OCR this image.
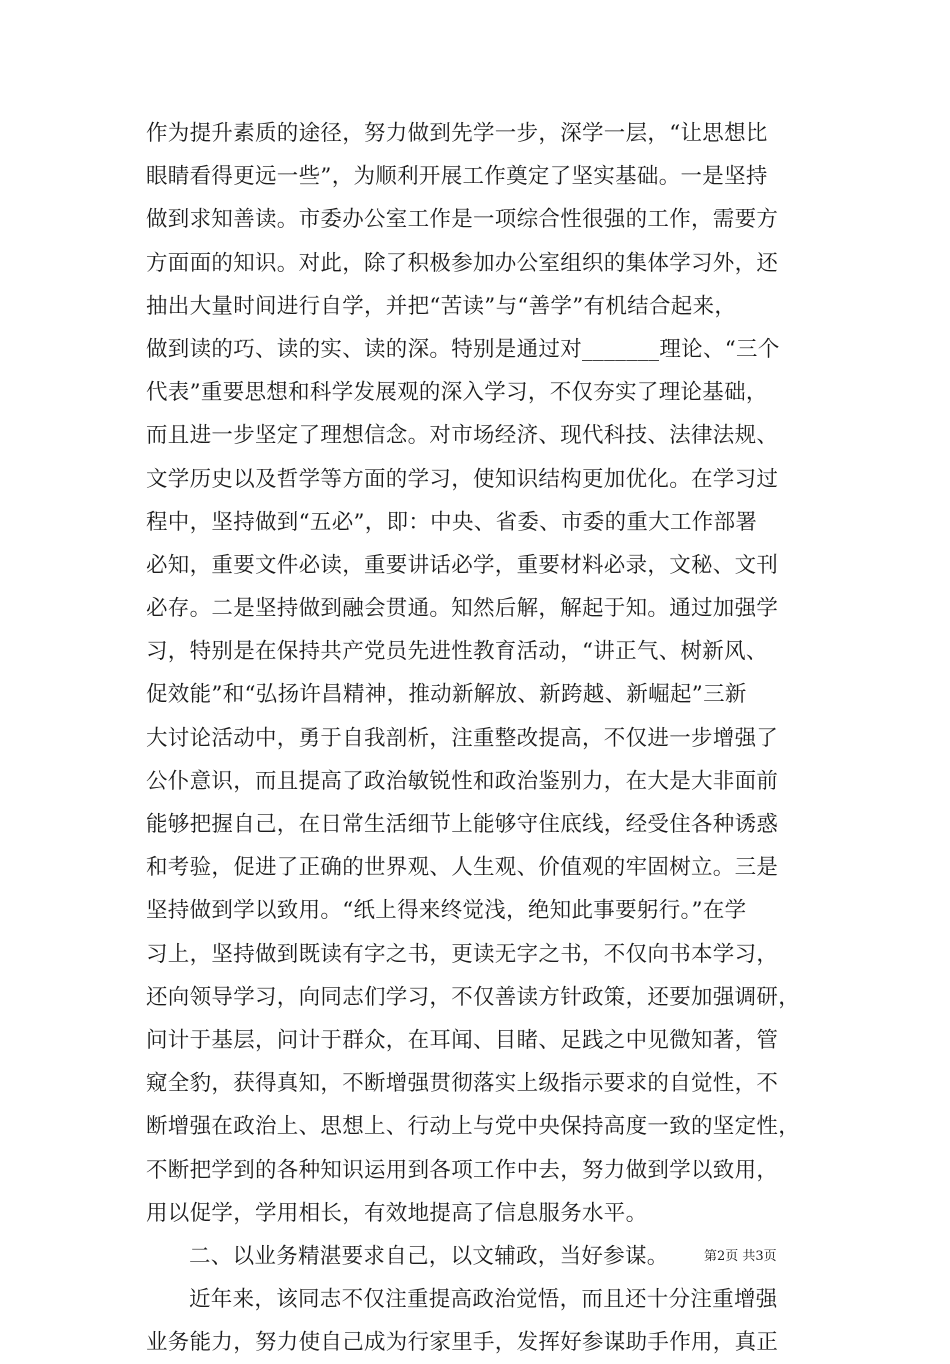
作为提升素质的途径，努力做到先学一步，深学一层，“让思想比
眼睛看得更远一些”，为顺利开展工作奠定了坚实基础。一是坚持
做到求知善读。市委办公室工作是一项综合性很强的工作，需要方
方面面的知识。对此，除了积极参加办公室组织的集体学习外，还
抽出大量时间进行自学，并把“苦读”与“善学”有机结合起来，
做到读的巧、读的实、读的深。特别是通过对_______理论、“三个
代表”重要思想和科学发展观的深入学习，不仅夯实了理论基础，
而且进一步坚定了理想信念。对市场经济、现代科技、法律法规、
文学历史以及哲学等方面的学习，使知识结构更加优化。在学习过
程中，坚持做到“五必”，即：中央、省委、市委的重大工作部署
必知，重要文件必读，重要讲话必学，重要材料必录，文秘、文刊
必存。二是坚持做到融会贯通。知然后解，解起于知。通过加强学
习，特别是在保持共产党员先进性教育活动，“讲正气、树新风、
促效能”和“弘扬许昌精神，推动新解放、新跨越、新崛起”三新
大讨论活动中，勇于自我剖析，注重整改提高，不仅进一步增强了
公仆意识，而且提高了政治敏锐性和政治鉴别力，在大是大非面前
能够把握自己，在日常生活细节上能够守住底线，经受住各种诱惑
和考验，促进了正确的世界观、人生观、价值观的牢固树立。三是
坚持做到学以致用。“纸上得来终觉浅，绝知此事要躬行。”在学
习上，坚持做到既读有字之书，更读无字之书，不仅向书本学习，
还向领导学习，向同志们学习，不仅善读方针政策，还要加强调研，
问计于基层，问计于群众，在耳闻、目睹、足践之中见微知著，管
窥全豹，获得真知，不断增强贯彻落实上级指示要求的自觉性，不
断增强在政治上、思想上、行动上与党中央保持高度一致的坚定性，
不断把学到的各种知识运用到各项工作中去，努力做到学以致用，
用以促学，学用相长，有效地提高了信息服务水平。
二、以业务精湛要求自己，以文辅政，当好参谋。
近年来，该同志不仅注重提高政治觉悟，而且还十分注重增强
业务能力，努力使自己成为行家里手，发挥好参谋助手作用，真正
第2页 共3页
